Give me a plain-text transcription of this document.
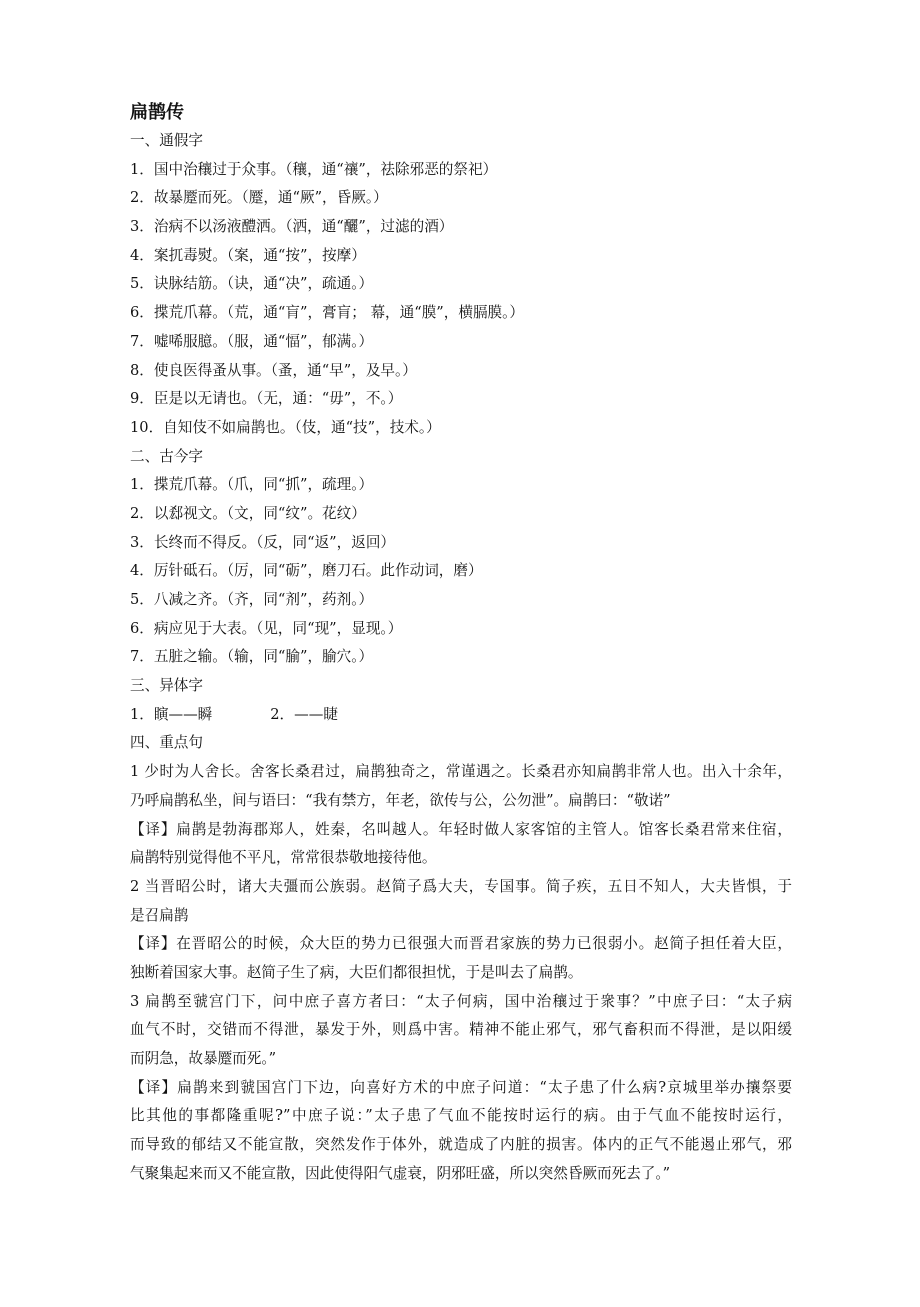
扁鹊传
一、通假字
1．国中治穰过于众事。（穰，通“禳”，祛除邪恶的祭祀）
2．故暴蹷而死。（蹷，通“厥”，昏厥。）
3．治病不以汤液醴洒。（洒，通“釃”，过滤的酒）
4．案扤毒熨。（案，通“按”，按摩）
5．诀脉结筋。（诀，通“决”，疏通。）
6．揲荒爪幕。（荒，通“肓”，膏肓； 幕，通“膜”，横膈膜。）
7．嘘唏服臆。（服，通“愊”，郁满。）
8．使良医得蚤从事。（蚤，通“早”，及早。）
9．臣是以无请也。（无，通：“毋”，不。）
10．自知伎不如扁鹊也。（伎，通“技”，技术。）
二、古今字
1．揲荒爪幕。（爪，同“抓”，疏理。）
2．以郄视文。（文，同“纹”。花纹）
3．长终而不得反。（反，同“返”，返回）
4．厉针砥石。（厉，同“砺”，磨刀石。此作动词，磨）
5．八减之齐。（齐，同“剂”，药剂。）
6．病应见于大表。（见，同“现”，显现。）
7．五脏之输。（输，同“腧”，腧穴。）
三、异体字
1．瞚——瞬	2．——睫
四、重点句
1 少时为人舍长。舍客长桑君过，扁鹊独奇之，常谨遇之。长桑君亦知扁鹊非常人也。出入十余年，
乃呼扁鹊私坐，间与语曰：“我有禁方，年老，欲传与公，公勿泄”。扁鹊曰：“敬诺”
【译】扁鹊是勃海郡郑人，姓秦，名叫越人。年轻时做人家客馆的主管人。馆客长桑君常来住宿，
扁鹊特别觉得他不平凡，常常很恭敬地接待他。
2 当晋昭公时，诸大夫彊而公族弱。赵简子爲大夫，专国事。简子疾，五日不知人，大夫皆惧，于
是召扁鹊
【译】在晋昭公的时候，众大臣的势力已很强大而晋君家族的势力已很弱小。赵简子担任着大臣，
独断着国家大事。赵简子生了病，大臣们都很担忧，于是叫去了扁鹊。
3 扁鹊至虢宫门下，问中庶子喜方者曰：“太子何病，国中治穰过于衆事？”中庶子曰：“太子病
血气不时，交错而不得泄，暴发于外，则爲中害。精神不能止邪气，邪气畜积而不得泄，是以阳缓
而阴急，故暴蹷而死。”
【译】扁鹊来到虢国宫门下边，向喜好方术的中庶子问道：“太子患了什么病?京城里举办攘祭要
比其他的事都隆重呢?”中庶子说：”太子患了气血不能按时运行的病。由于气血不能按时运行，
而导致的郁结又不能宣散，突然发作于体外，就造成了内脏的损害。体内的正气不能遏止邪气，邪
气聚集起来而又不能宣散，因此使得阳气虚衰，阴邪旺盛，所以突然昏厥而死去了。”
